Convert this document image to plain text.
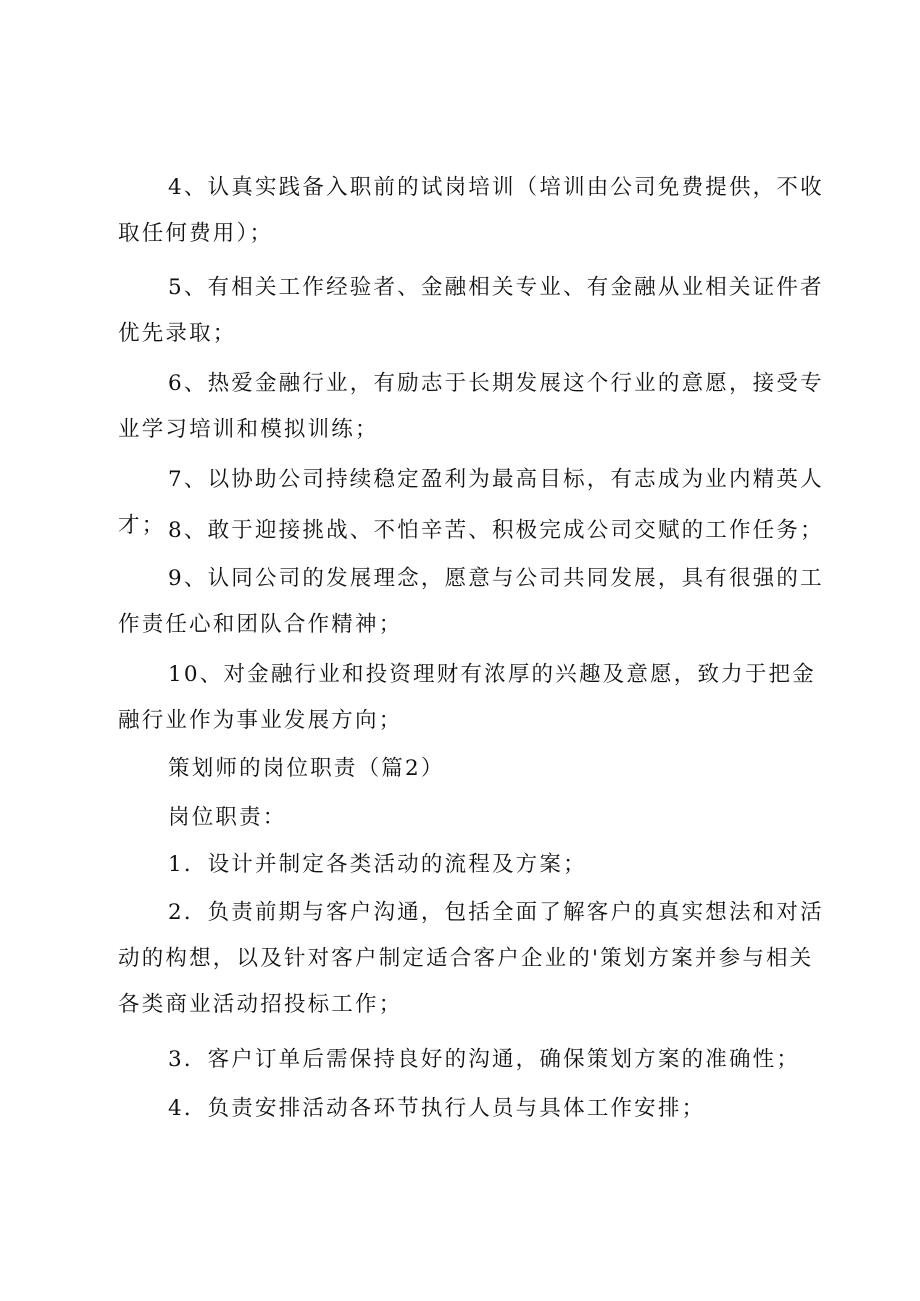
4、认真实践备入职前的试岗培训（培训由公司免费提供，不收取任何费用）；

5、有相关工作经验者、金融相关专业、有金融从业相关证件者优先录取；

6、热爱金融行业，有励志于长期发展这个行业的意愿，接受专业学习培训和模拟训练；

7、以协助公司持续稳定盈利为最高目标，有志成为业内精英人才； 8、敢于迎接挑战、不怕辛苦、积极完成公司交赋的工作任务；

9、认同公司的发展理念，愿意与公司共同发展，具有很强的工作责任心和团队合作精神；

10、对金融行业和投资理财有浓厚的兴趣及意愿，致力于把金融行业作为事业发展方向；

策划师的岗位职责（篇2）

岗位职责：

1．设计并制定各类活动的流程及方案；

2．负责前期与客户沟通，包括全面了解客户的真实想法和对活动的构想，以及针对客户制定适合客户企业的'策划方案并参与相关各类商业活动招投标工作；

3．客户订单后需保持良好的沟通，确保策划方案的准确性；

4．负责安排活动各环节执行人员与具体工作安排；
